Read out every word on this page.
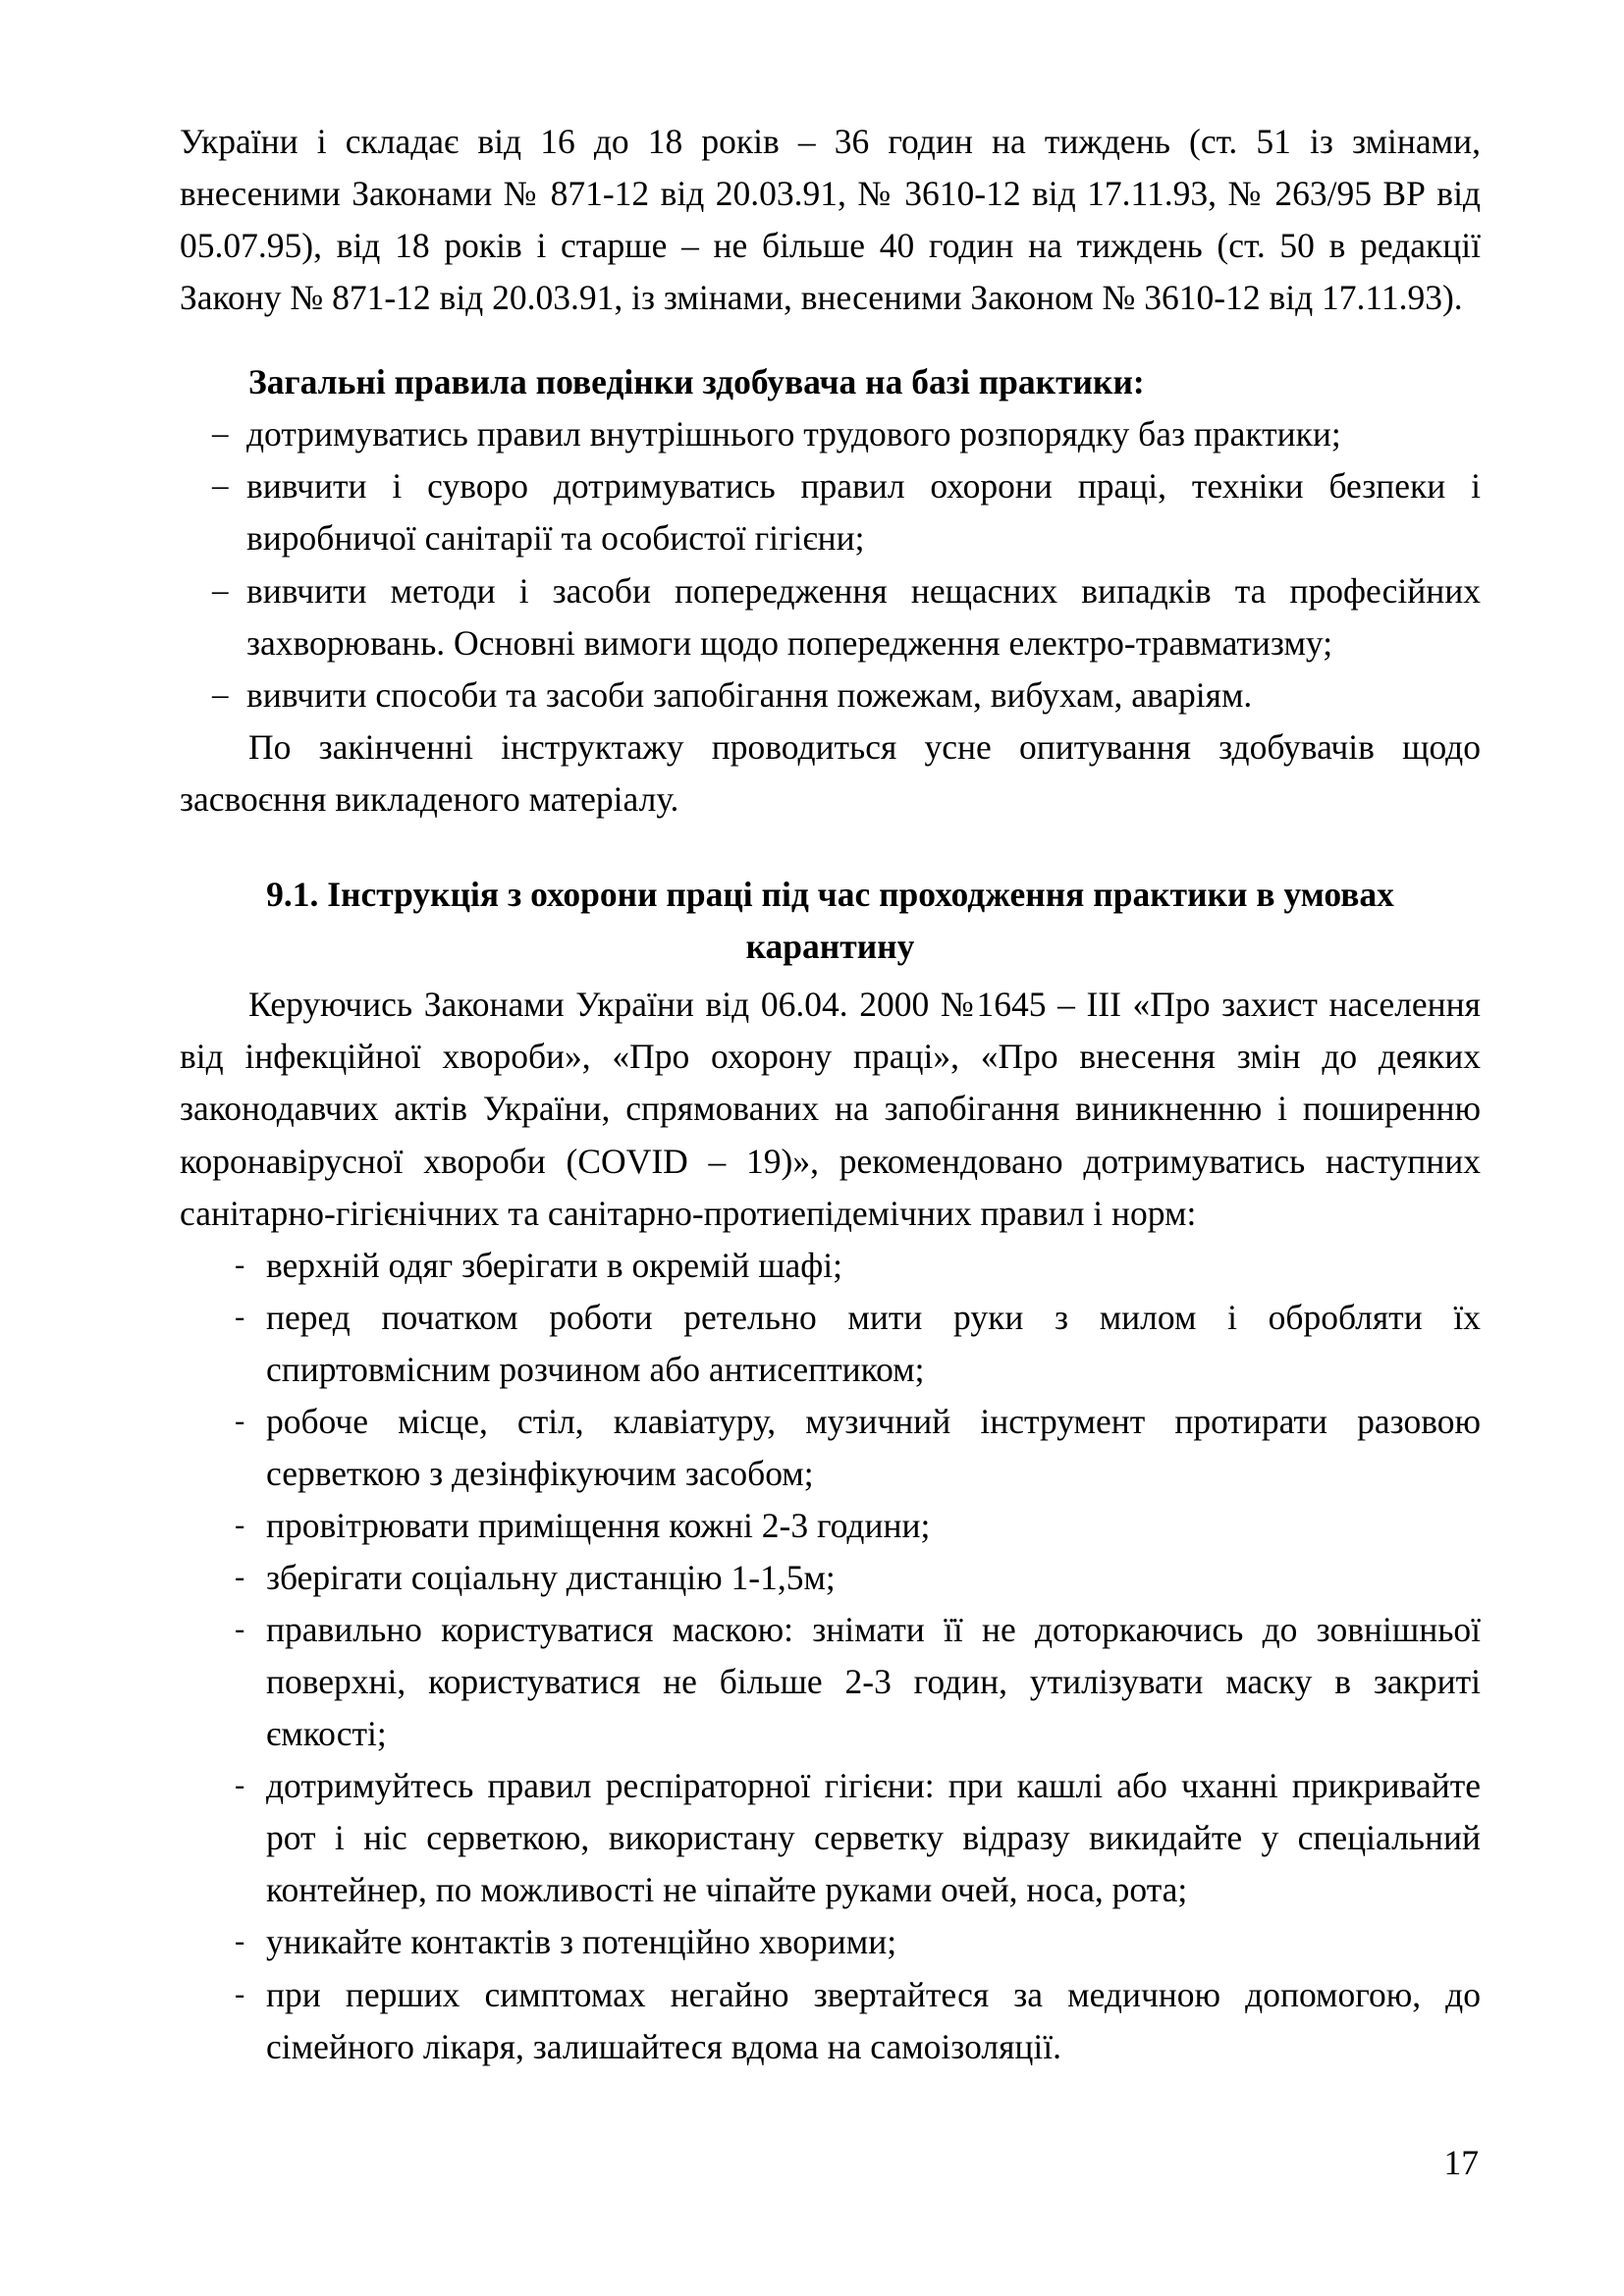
України і складає від 16 до 18 років – 36 годин на тиждень (ст. 51 із змінами, внесеними Законами № 871-12 від 20.03.91, № 3610-12 від 17.11.93, № 263/95 ВР від 05.07.95), від 18 років і старше – не більше 40 годин на тиждень (ст. 50 в редакції Закону № 871-12 від 20.03.91, із змінами, внесеними Законом № 3610-12 від 17.11.93).

Загальні правила поведінки здобувача на базі практики:
– дотримуватись правил внутрішнього трудового розпорядку баз практики;
– вивчити і суворо дотримуватись правил охорони праці, техніки безпеки і виробничої санітарії та особистої гігієни;
– вивчити методи і засоби попередження нещасних випадків та професійних захворювань. Основні вимоги щодо попередження електро-травматизму;
– вивчити способи та засоби запобігання пожежам, вибухам, аваріям.

По закінченні інструктажу проводиться усне опитування здобувачів щодо засвоєння викладеного матеріалу.

9.1. Інструкція з охорони праці під час проходження практики в умовах карантину

Керуючись Законами України від 06.04. 2000 №1645 – III «Про захист населення від інфекційної хвороби», «Про охорону праці», «Про внесення змін до деяких законодавчих актів України, спрямованих на запобігання виникненню і поширенню коронавірусної хвороби (COVID – 19)», рекомендовано дотримуватись наступних санітарно-гігієнічних та санітарно-протиепідемічних правил і норм:

- верхній одяг зберігати в окремій шафі;
- перед початком роботи ретельно мити руки з милом і обробляти їх спиртовмісним розчином або антисептиком;
- робоче місце, стіл, клавіатуру, музичний інструмент протирати разовою серветкою з дезінфікуючим засобом;
- провітрювати приміщення кожні 2-3 години;
- зберігати соціальну дистанцію 1-1,5м;
- правильно користуватися маскою: знімати її не доторкаючись до зовнішньої поверхні, користуватися не більше 2-3 годин, утилізувати маску в закриті ємкості;
- дотримуйтесь правил респіраторної гігієни: при кашлі або чханні прикривайте рот і ніс серветкою, використану серветку відразу викидайте у спеціальний контейнер, по можливості не чіпайте руками очей, носа, рота;
- уникайте контактів з потенційно хворими;
- при перших симптомах негайно звертайтеся за медичною допомогою, до сімейного лікаря, залишайтеся вдома на самоізоляції.
17
